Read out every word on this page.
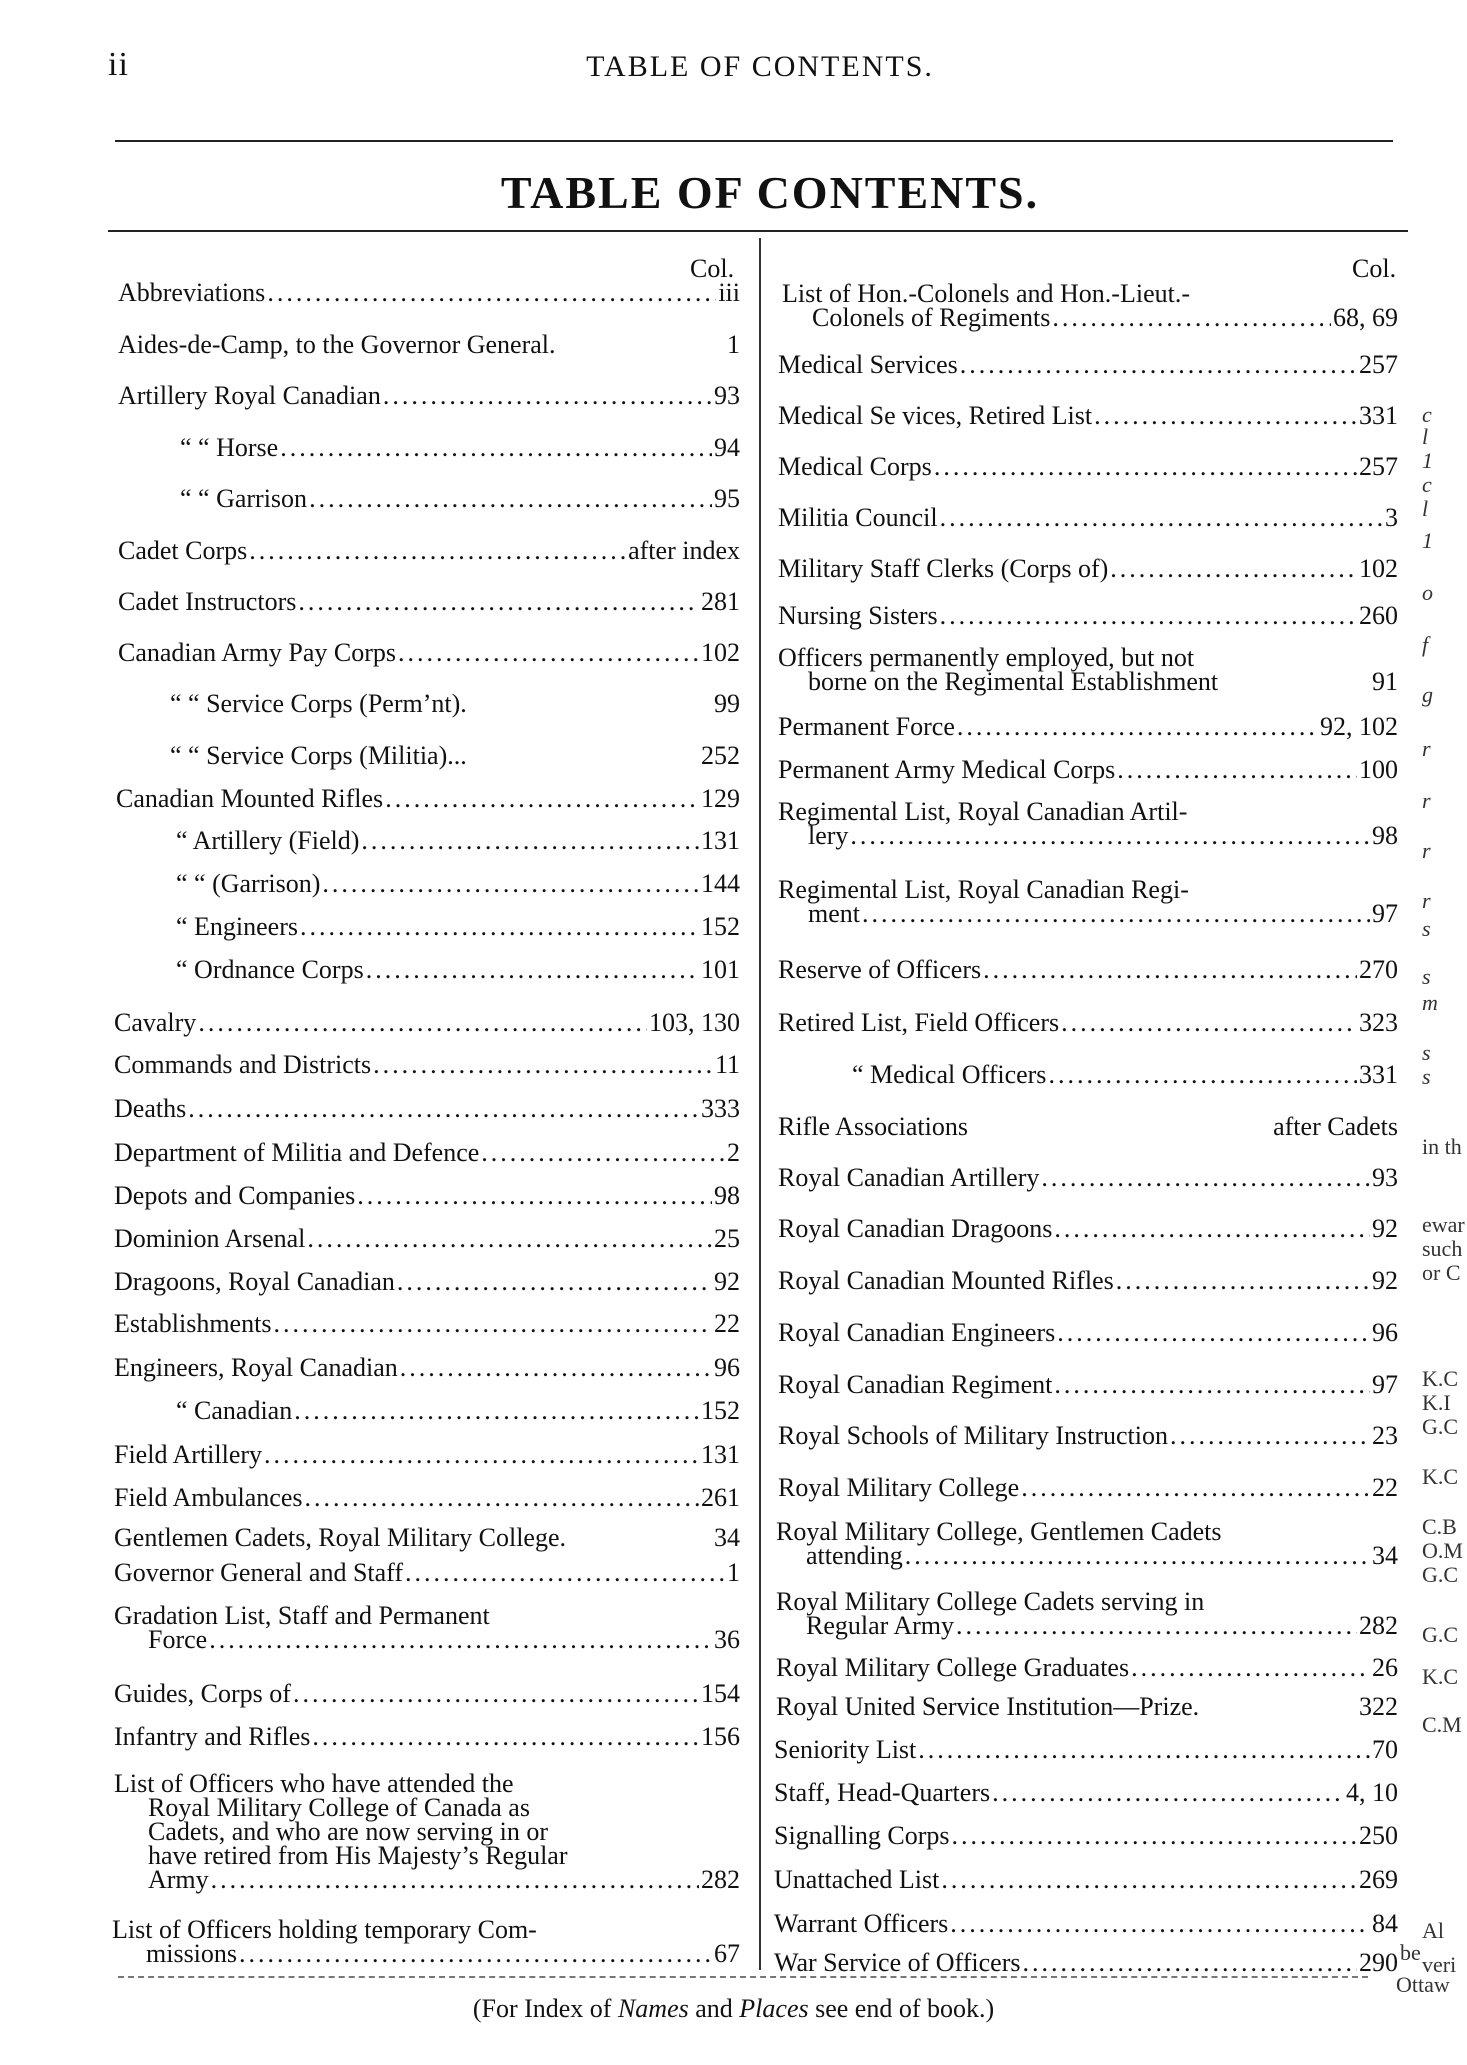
ii	TABLE OF CONTENTS.
TABLE OF CONTENTS.
Col.	Col.
Abbreviations .....	iii
Aides-de-Camp, to the Governor General.	1
Artillery Royal Canadian .....	93
“ “ Horse .....	94
“ “ Garrison .....	95
Cadet Corps .....	after index
Cadet Instructors .....	281
Canadian Army Pay Corps .....	102
“ “ Service Corps (Perm’nt).	99
“ “ Service Corps (Militia)...	252
Canadian Mounted Rifles .....	129
“ Artillery (Field) .....	131
“ “ (Garrison) .....	144
“ Engineers .....	152
“ Ordnance Corps .....	101
Cavalry .....	103, 130
Commands and Districts .....	11
Deaths .....	333
Department of Militia and Defence .....	2
Depots and Companies .....	98
Dominion Arsenal .....	25
Dragoons, Royal Canadian .....	92
Establishments .....	22
Engineers, Royal Canadian .....	96
“ Canadian .....	152
Field Artillery .....	131
Field Ambulances .....	261
Gentlemen Cadets, Royal Military College.	34
Governor General and Staff .....	1
Gradation List, Staff and Permanent
Force .....	36
Guides, Corps of .....	154
Infantry and Rifles .....	156
List of Officers who have attended the
Royal Military College of Canada as
Cadets, and who are now serving in or
have retired from His Majesty’s Regular
Army .....	282
List of Officers holding temporary Com-
missions .....	67
List of Hon.-Colonels and Hon.-Lieut.-
Colonels of Regiments .....	68, 69
Medical Services .....	257
Medical Se vices, Retired List .....	331
Medical Corps .....	257
Militia Council .....	3
Military Staff Clerks (Corps of) .....	102
Nursing Sisters .....	260
Officers permanently employed, but not
borne on the Regimental Establishment	91
Permanent Force .....	92, 102
Permanent Army Medical Corps .....	100
Regimental List, Royal Canadian Artil-
lery .....	98
Regimental List, Royal Canadian Regi-
ment .....	97
Reserve of Officers .....	270
Retired List, Field Officers .....	323
“ Medical Officers .....	331
Rifle Associations	after Cadets
Royal Canadian Artillery .....	93
Royal Canadian Dragoons .....	92
Royal Canadian Mounted Rifles .....	92
Royal Canadian Engineers .....	96
Royal Canadian Regiment .....	97
Royal Schools of Military Instruction .....	23
Royal Military College .....	22
Royal Military College, Gentlemen Cadets
attending .....	34
Royal Military College Cadets serving in
Regular Army .....	282
Royal Military College Graduates .....	26
Royal United Service Institution—Prize.	322
Seniority List .....	70
Staff, Head-Quarters .....	4, 10
Signalling Corps .....	250
Unattached List .....	269
Warrant Officers .....	84
War Service of Officers .....	290
(For Index of Names and Places see end of book.)
c
l
1
c
l
1
o
f
g
r
r
r
r
s
s
m
s
s
in th
ewar
such
or C
K.C
K.I
G.C
K.C
C.B
O.M
G.C
G.C
K.C
C.M
Al
be veri
Ottaw
